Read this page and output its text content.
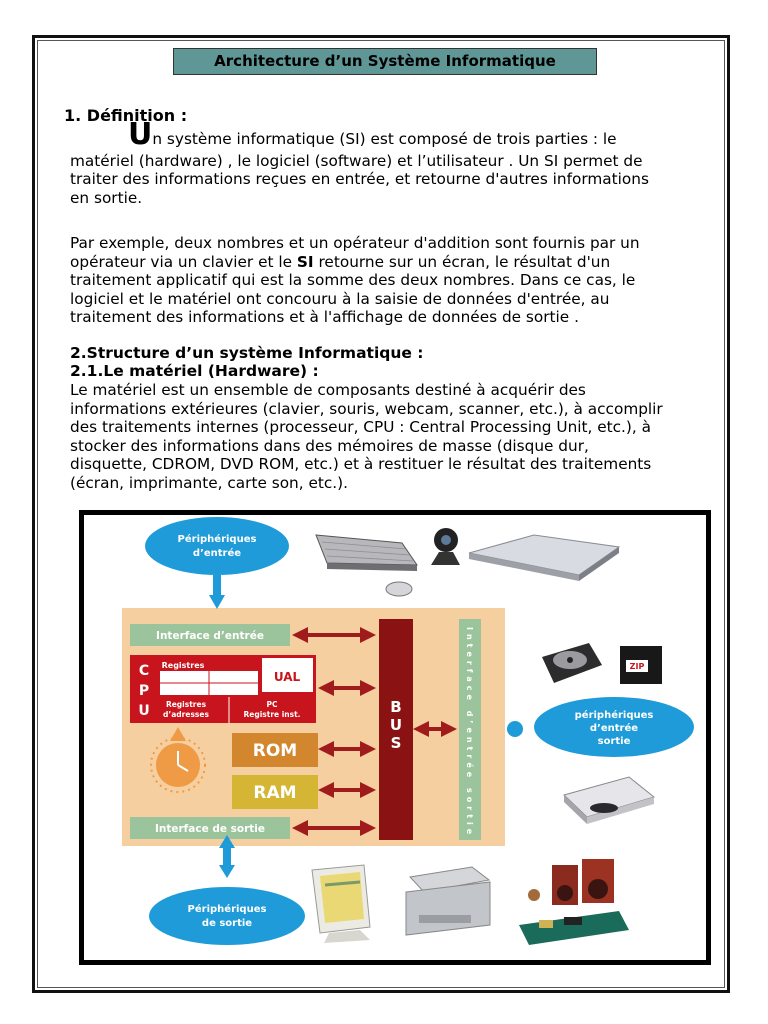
Architecture d’un Système Informatique
1. Définition :
Un système informatique (SI) est composé de trois parties : le
matériel (hardware) , le logiciel (software) et l’utilisateur . Un SI permet de
traiter des informations reçues en entrée, et retourne d'autres informations
en sortie.
Par exemple, deux nombres et un opérateur d'addition sont fournis par un
opérateur via un clavier et le SI retourne sur un écran, le résultat d'un
traitement applicatif qui est la somme des deux nombres. Dans ce cas, le
logiciel et le matériel ont concouru à la saisie de données d'entrée, au
traitement des informations et à l'affichage de données de sortie .
2.Structure d’un système Informatique :
2.1.Le matériel (Hardware) :
Le matériel est un ensemble de composants destiné à acquérir des
informations extérieures (clavier, souris, webcam, scanner, etc.), à accomplir
des traitements internes (processeur, CPU : Central Processing Unit, etc.), à
stocker des informations dans des mémoires de masse (disque dur,
disquette, CDROM, DVD ROM, etc.) et à restituer le résultat des traitements
(écran, imprimante, carte son, etc.).
Périphériques
d’entrée
Interface d’entrée
C
P
U
Registres
UAL
Registres
d’adresses
PC
Registre inst.
ROM
RAM
Interface de sortie
B
U
S	Interface d’entrée sortie	ZIP
périphériques
d’entrée
sortie
Périphériques
de sortie
